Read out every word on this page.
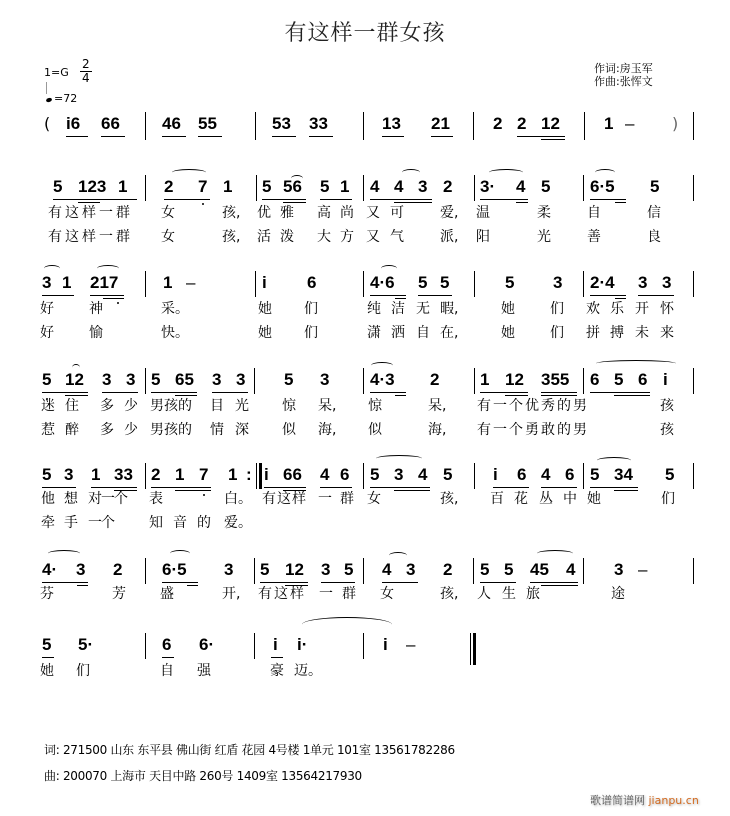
有这样一群女孩
$1=G \frac{2}{4}$
=72
作词:房玉军
作曲:张恽文
( i6 66 46 55	53 33	13 21	2 2 12	1 – )
5 123 1 2 7 1 5 56 5 1 4 4 3 2 3· 4 5 6·5 5
有这样一群 女	孩, 优 雅 高 尚 又 可	爱, 温	柔	自	信
有这样一群 女	孩, 活 泼 大 方 又 气	派, 阳	光	善	良
3 1 217	1 –	i 6	4·6 5 5	5 3 2·4 3 3
好	神	采。	她 们	纯 洁 无 暇,	她	们 欢 乐 开 怀
好	愉	快。	她 们	潇 洒 自 在,	她	们 拼 搏 未 来
5 12 3 3 5 65 3 3 5 3 4·3 2 1 12 355 6 5 6 i
迷 住 多 少 男孩的 目 光 惊 呆, 惊	呆, 有一个优秀的男	孩
惹 醉 多 少 男孩的 情 深 似 海, 似	海, 有一个勇敢的男	孩
5 3 1 33 2 1 7 1 : i 66 4 6 5 3 4 5 i 6 4 6 5 34 5
他 想 对一个 表	白。 有这样 一 群 女	孩, 百 花 丛 中 她	们
牵 手 一个	知 音 的 爱。
4· 3 2 6·5 3 5 12 3 5 4 3 2 5 5 45 4 3 –
芬	芳 盛	开, 有这样 一 群 女	孩, 人 生 旅	途
5 5·	6 6·	i i·	i –
她 们	自 强	豪 迈。
词: 271500 山东 东平县 佛山街 红盾 花园 4号楼 1单元 101室 13561782286
曲: 200070 上海市 天目中路 260号 1409室 13564217930
歌谱简谱网 jianpu.cn
